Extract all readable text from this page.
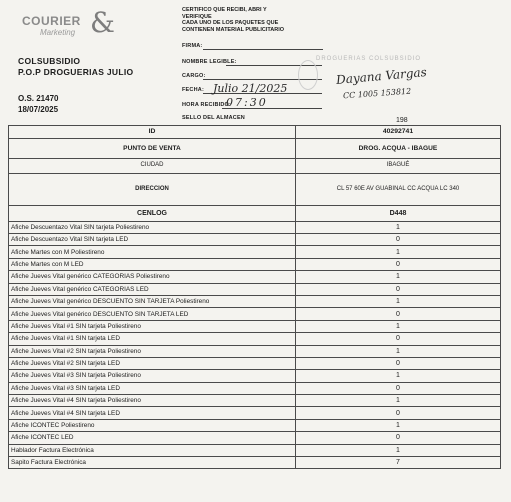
COURIER
Marketing &
COLSUBSIDIO
P.O.P DROGUERIAS JULIO
O.S. 21470
18/07/2025
CERTIFICO QUE RECIBI, ABRI Y
VERIFIQUE
CADA UNO DE LOS PAQUETES QUE
CONTIENEN MATERIAL PUBLICITARIO
FIRMA:
NOMBRE LEGIBLE:
CARGO:
FECHA:
HORA RECIBIDO:
SELLO DEL ALMACEN
Julio 21/2025
07:30
Dayana Vargas
CC 1005 153812
DROGUERIAS COLSUBSIDIO
198
ID	40292741
PUNTO DE VENTA	DROG. ACQUA - IBAGUE
CIUDAD	IBAGUÉ
DIRECCION	CL 57 60E AV GUABINAL CC ACQUA LC 340
CENLOG	D448
Afiche Descuentazo Vital SIN tarjeta Poliestireno	1
Afiche Descuentazo Vital SIN tarjeta LED	0
Afiche Martes con M Poliestireno	1
Afiche Martes con M LED	0
Afiche Jueves Vital genérico CATEGORIAS Poliestireno	1
Afiche Jueves Vital genérico CATEGORIAS LED	0
Afiche Jueves Vital genérico DESCUENTO SIN TARJETA Poliestireno	1
Afiche Jueves Vital genérico DESCUENTO SIN TARJETA LED	0
Afiche Jueves Vital #1 SIN tarjeta Poliestireno	1
Afiche Jueves Vital #1 SIN tarjeta LED	0
Afiche Jueves Vital #2 SIN tarjeta Poliestireno	1
Afiche Jueves Vital #2 SIN tarjeta LED	0
Afiche Jueves Vital #3 SIN tarjeta Poliestireno	1
Afiche Jueves Vital #3 SIN tarjeta LED	0
Afiche Jueves Vital #4 SIN tarjeta Poliestireno	1
Afiche Jueves Vital #4 SIN tarjeta LED	0
Afiche ICONTEC Poliestireno	1
Afiche ICONTEC LED	0
Hablador Factura Electrónica	1
Sapito Factura Electrónica	7
